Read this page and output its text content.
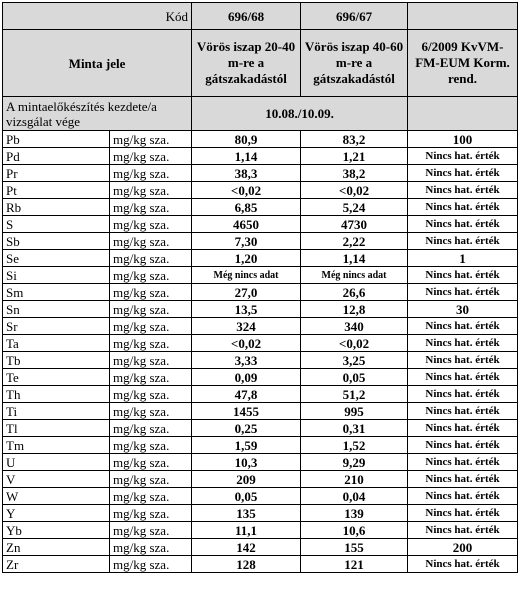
Kód		696/68	696/67	
Minta jele		Vörös iszap 20-40 m-re a gátszakadástól	Vörös iszap 40-60 m-re a gátszakadástól	6/2009 KvVM-FM-EUM Korm. rend.
A mintaelőkészítés kezdete/a vizsgálat vége		10.08./10.09.		
Pb	mg/kg sza.	80,9	83,2	100
Pd	mg/kg sza.	1,14	1,21	Nincs hat. érték
Pr	mg/kg sza.	38,3	38,2	Nincs hat. érték
Pt	mg/kg sza.	<0,02	<0,02	Nincs hat. érték
Rb	mg/kg sza.	6,85	5,24	Nincs hat. érték
S	mg/kg sza.	4650	4730	Nincs hat. érték
Sb	mg/kg sza.	7,30	2,22	Nincs hat. érték
Se	mg/kg sza.	1,20	1,14	1
Si	mg/kg sza.	Még nincs adat	Még nincs adat	Nincs hat. érték
Sm	mg/kg sza.	27,0	26,6	Nincs hat. érték
Sn	mg/kg sza.	13,5	12,8	30
Sr	mg/kg sza.	324	340	Nincs hat. érték
Ta	mg/kg sza.	<0,02	<0,02	Nincs hat. érték
Tb	mg/kg sza.	3,33	3,25	Nincs hat. érték
Te	mg/kg sza.	0,09	0,05	Nincs hat. érték
Th	mg/kg sza.	47,8	51,2	Nincs hat. érték
Ti	mg/kg sza.	1455	995	Nincs hat. érték
Tl	mg/kg sza.	0,25	0,31	Nincs hat. érték
Tm	mg/kg sza.	1,59	1,52	Nincs hat. érték
U	mg/kg sza.	10,3	9,29	Nincs hat. érték
V	mg/kg sza.	209	210	Nincs hat. érték
W	mg/kg sza.	0,05	0,04	Nincs hat. érték
Y	mg/kg sza.	135	139	Nincs hat. érték
Yb	mg/kg sza.	11,1	10,6	Nincs hat. érték
Zn	mg/kg sza.	142	155	200
Zr	mg/kg sza.	128	121	Nincs hat. érték
